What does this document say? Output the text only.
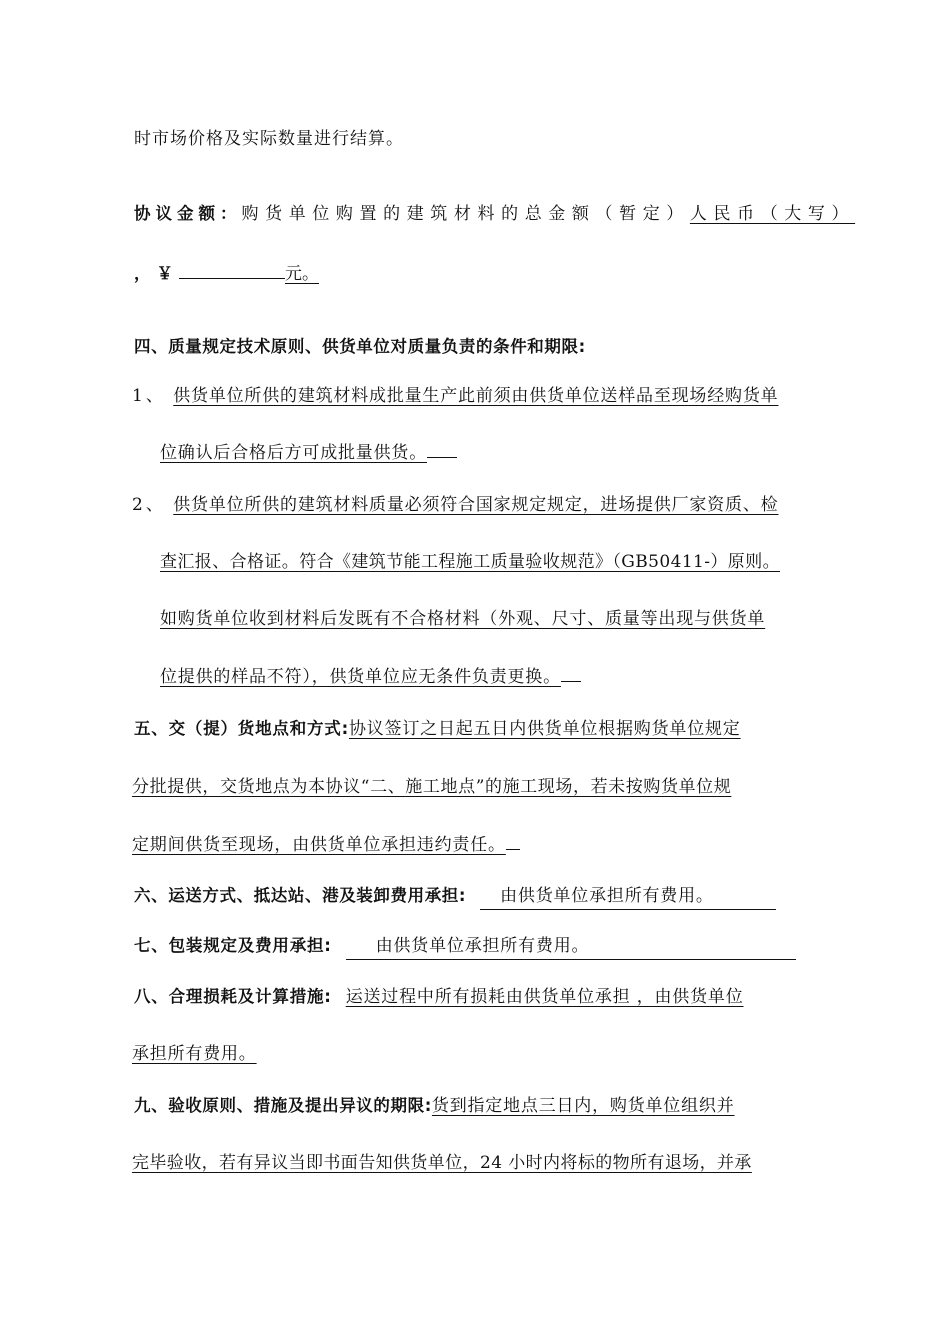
时市场价格及实际数量进行结算。
协议金额：购货单位购置的建筑材料的总金额（暂定）人民币（大写）
，￥	元。
四、质量规定技术原则、供货单位对质量负责的条件和期限:
1、 供货单位所供的建筑材料成批量生产此前须由供货单位送样品至现场经购货单
位确认后合格后方可成批量供货。
2、 供货单位所供的建筑材料质量必须符合国家规定规定，进场提供厂家资质、检
查汇报、合格证。符合《建筑节能工程施工质量验收规范》（GB50411-）原则。
如购货单位收到材料后发既有不合格材料（外观、尺寸、质量等出现与供货单
位提供的样品不符），供货单位应无条件负责更换。
五、交（提）货地点和方式:协议签订之日起五日内供货单位根据购货单位规定
分批提供，交货地点为本协议“二、施工地点”的施工现场，若未按购货单位规
定期间供货至现场，由供货单位承担违约责任。
六、运送方式、抵达站、港及装卸费用承担: 由供货单位承担所有费用。
七、包装规定及费用承担:	由供货单位承担所有费用。
八、合理损耗及计算措施: 运送过程中所有损耗由供货单位承担 ，由供货单位
承担所有费用。
九、验收原则、措施及提出异议的期限:货到指定地点三日内，购货单位组织并
完毕验收，若有异议当即书面告知供货单位，24 小时内将标的物所有退场，并承
